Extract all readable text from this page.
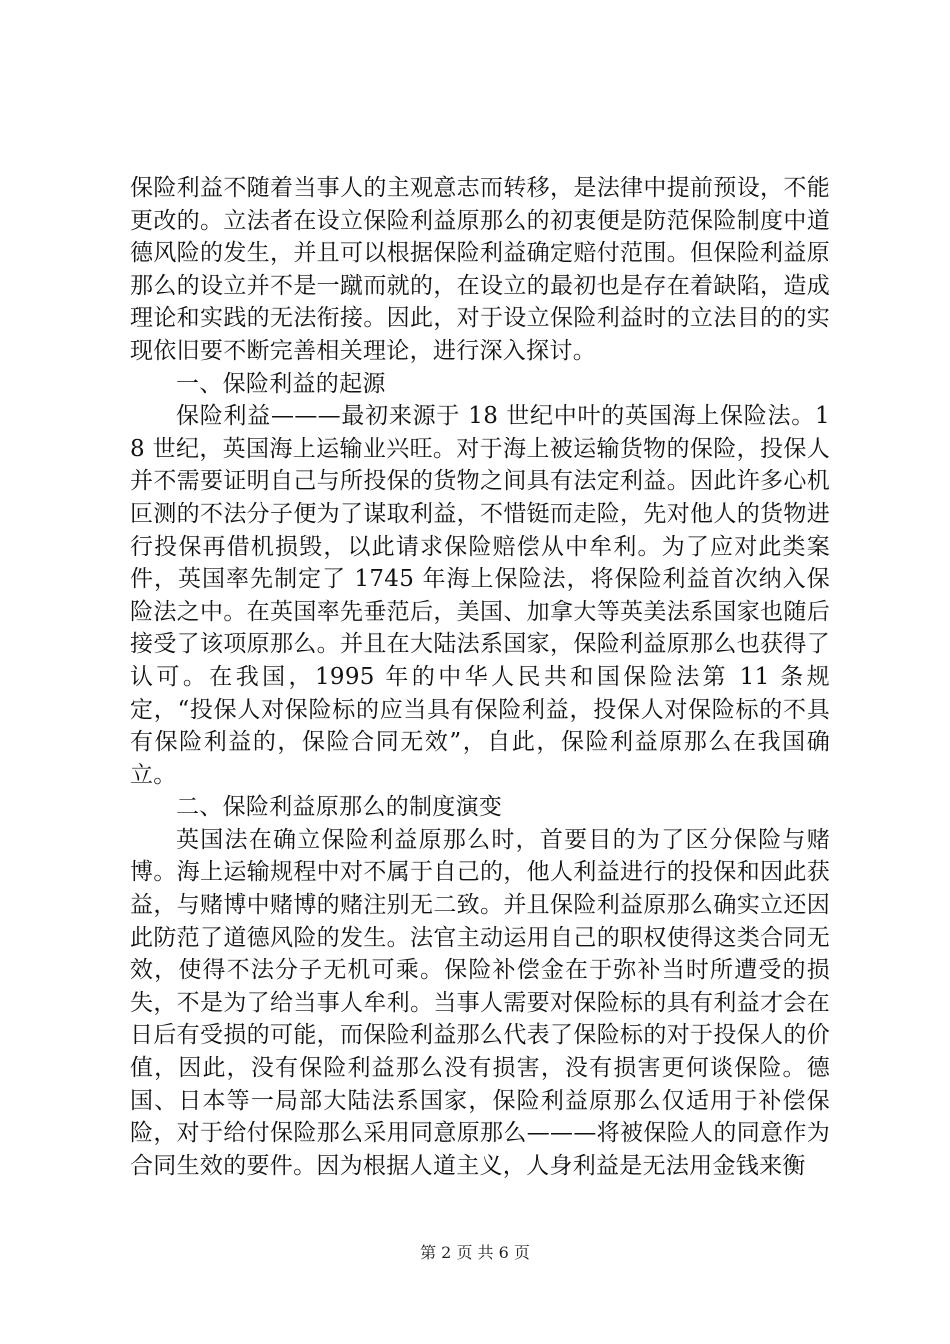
保险利益不随着当事人的主观意志而转移，是法律中提前预设，不能更改的。立法者在设立保险利益原那么的初衷便是防范保险制度中道德风险的发生，并且可以根据保险利益确定赔付范围。但保险利益原那么的设立并不是一蹴而就的，在设立的最初也是存在着缺陷，造成理论和实践的无法衔接。因此，对于设立保险利益时的立法目的的实现依旧要不断完善相关理论，进行深入探讨。

一、保险利益的起源

保险利益———最初来源于 18 世纪中叶的英国海上保险法。18 世纪，英国海上运输业兴旺。对于海上被运输货物的保险，投保人并不需要证明自己与所投保的货物之间具有法定利益。因此许多心机叵测的不法分子便为了谋取利益，不惜铤而走险，先对他人的货物进行投保再借机损毁，以此请求保险赔偿从中牟利。为了应对此类案件，英国率先制定了 1745 年海上保险法，将保险利益首次纳入保险法之中。在英国率先垂范后，美国、加拿大等英美法系国家也随后接受了该项原那么。并且在大陆法系国家，保险利益原那么也获得了认可。在我国，1995 年的中华人民共和国保险法第 11 条规定，“投保人对保险标的应当具有保险利益，投保人对保险标的不具有保险利益的，保险合同无效”，自此，保险利益原那么在我国确立。

二、保险利益原那么的制度演变

英国法在确立保险利益原那么时，首要目的为了区分保险与赌博。海上运输规程中对不属于自己的，他人利益进行的投保和因此获益，与赌博中赌博的赌注别无二致。并且保险利益原那么确实立还因此防范了道德风险的发生。法官主动运用自己的职权使得这类合同无效，使得不法分子无机可乘。保险补偿金在于弥补当时所遭受的损失，不是为了给当事人牟利。当事人需要对保险标的具有利益才会在日后有受损的可能，而保险利益那么代表了保险标的对于投保人的价值，因此，没有保险利益那么没有损害，没有损害更何谈保险。德国、日本等一局部大陆法系国家，保险利益原那么仅适用于补偿保险，对于给付保险那么采用同意原那么———将被保险人的同意作为合同生效的要件。因为根据人道主义，人身利益是无法用金钱来衡

第 2 页 共 6 页
